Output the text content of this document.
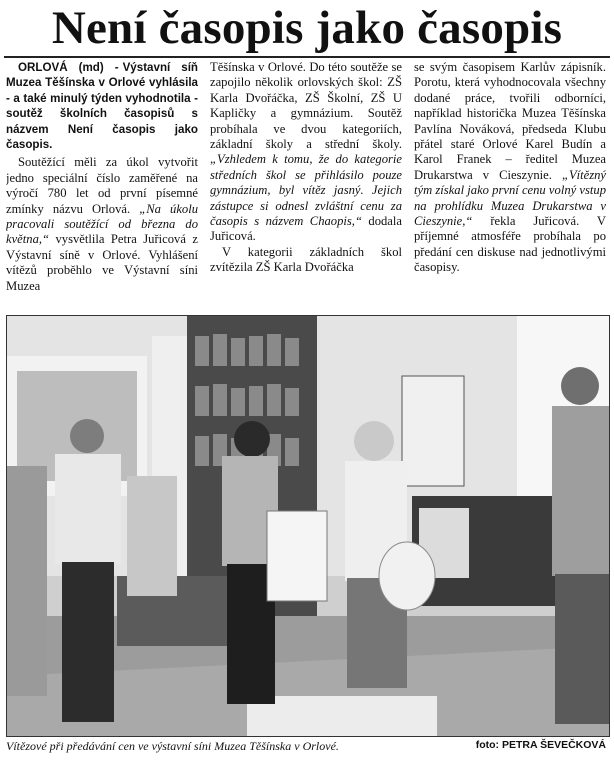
Není časopis jako časopis

ORLOVÁ (md) - Výstavní síň Muzea Těšínska v Orlové vyhlásila - a také minulý týden vyhodnotila - soutěž školních časopisů s názvem Není časopis jako časopis.

Soutěžící měli za úkol vytvořit jedno speciální číslo zaměřené na výročí 780 let od první písemné zmínky názvu Orlová. „Na úkolu pracovali soutěžící od března do května,“ vysvětlila Petra Juřicová z Výstavní síně v Orlové. Vyhlášení vítězů proběhlo ve Výstavní síni Muzea

Těšínska v Orlové. Do této soutěže se zapojilo několik orlovských škol: ZŠ Karla Dvořáčka, ZŠ Školní, ZŠ U Kapličky a gymnázium. Soutěž probíhala ve dvou kategoriích, základní školy a střední školy. „Vzhledem k tomu, že do kategorie středních škol se přihlásilo pouze gymnázium, byl vítěz jasný. Jejich zástupce si odnesl zvláštní cenu za časopis s názvem Chaopis,“ dodala Juřicová.

V kategorii základních škol zvítězila ZŠ Karla Dvořáčka

se svým časopisem Karlův zápisník. Porotu, která vyhodnocovala všechny dodané práce, tvořili odborníci, například historička Muzea Těšínska Pavlína Nováková, předseda Klubu přátel staré Orlové Karel Budín a Karol Franek – ředitel Muzea Drukarstwa v Cieszynie. „Vítězný tým získal jako první cenu volný vstup na prohlídku Muzea Drukarstwa v Cieszynie,“ řekla Juřicová. V příjemné atmosféře probíhala po předání cen diskuse nad jednotlivými časopisy.

Vítězové při předávání cen ve výstavní síni Muzea Těšínska v Orlové.	foto: PETRA ŠEVEČKOVÁ
